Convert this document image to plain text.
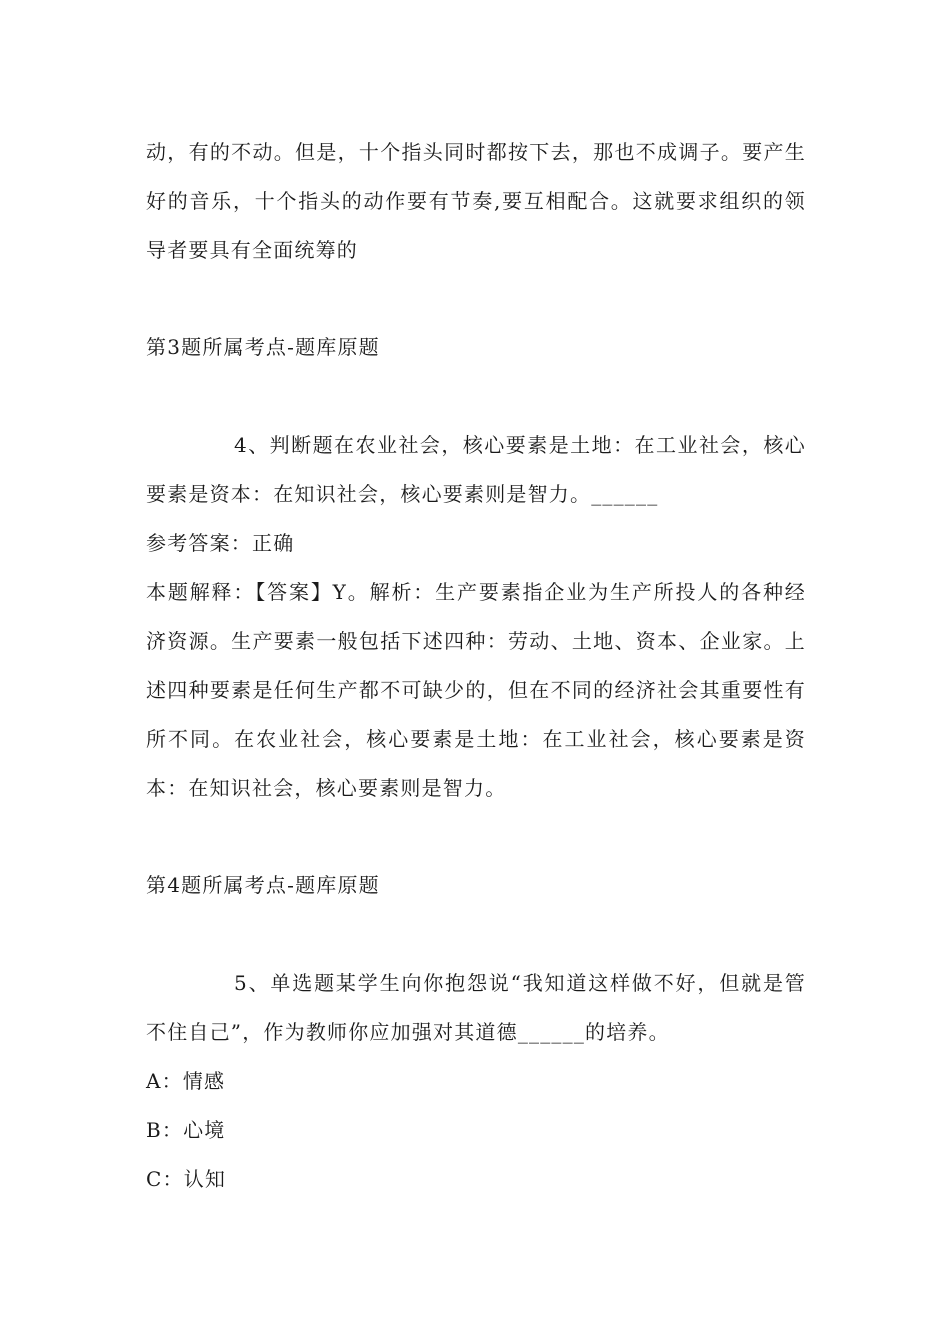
动，有的不动。但是，十个指头同时都按下去，那也不成调子。要产生好的音乐，十个指头的动作要有节奏,要互相配合。这就要求组织的领导者要具有全面统筹的

第3题所属考点-题库原题

4、判断题在农业社会，核心要素是土地：在工业社会，核心要素是资本：在知识社会，核心要素则是智力。______

参考答案：正确

本题解释：【答案】Y。解析：生产要素指企业为生产所投人的各种经济资源。生产要素一般包括下述四种：劳动、土地、资本、企业家。上述四种要素是任何生产都不可缺少的，但在不同的经济社会其重要性有所不同。在农业社会，核心要素是土地：在工业社会，核心要素是资本：在知识社会，核心要素则是智力。

第4题所属考点-题库原题

5、单选题某学生向你抱怨说“我知道这样做不好，但就是管不住自己”，作为教师你应加强对其道德______的培养。

A：情感

B：心境

C：认知
